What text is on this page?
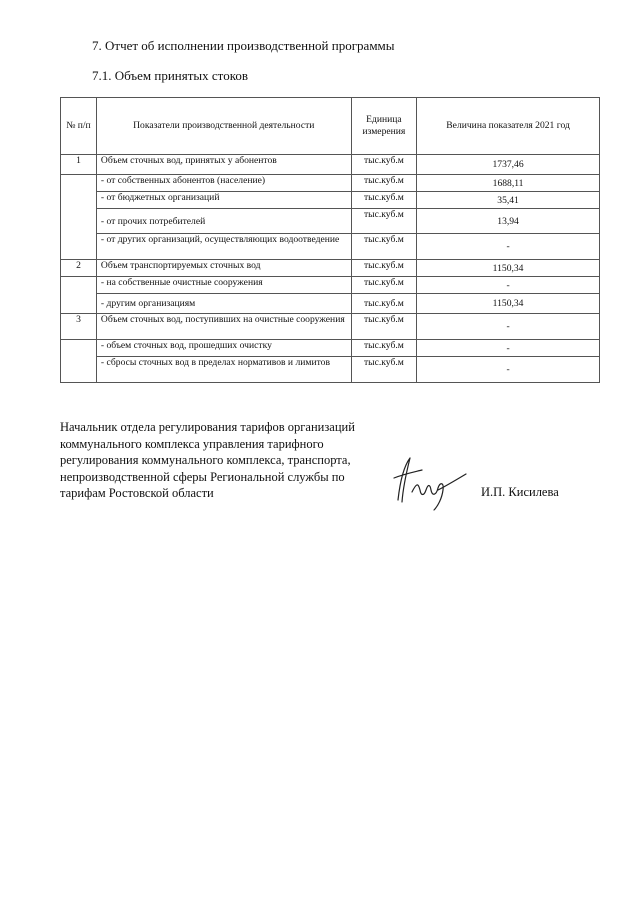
7. Отчет об исполнении производственной программы
7.1. Объем принятых стоков
№ п/п	Показатели производственной деятельности	Единица измерения	Величина показателя 2021 год
1	Объем сточных вод, принятых у абонентов	тыс.куб.м	1737,46
	- от собственных абонентов (население)	тыс.куб.м	1688,11
	- от бюджетных организаций	тыс.куб.м	35,41
	- от прочих потребителей	тыс.куб.м	13,94
	- от других организаций, осуществляющих водоотведение	тыс.куб.м	-
2	Объем транспортируемых сточных вод	тыс.куб.м	1150,34
	- на собственные очистные сооружения	тыс.куб.м	-
	- другим организациям	тыс.куб.м	1150,34
3	Объем сточных вод, поступивших на очистные сооружения	тыс.куб.м	-
	- объем сточных вод, прошедших очистку	тыс.куб.м	-
	- сбросы сточных вод в пределах нормативов и лимитов	тыс.куб.м	-
Начальник отдела регулирования тарифов организаций
коммунального комплекса управления тарифного
регулирования коммунального комплекса, транспорта,
непроизводственной сферы Региональной службы по
тарифам Ростовской области	И.П. Кисилева
